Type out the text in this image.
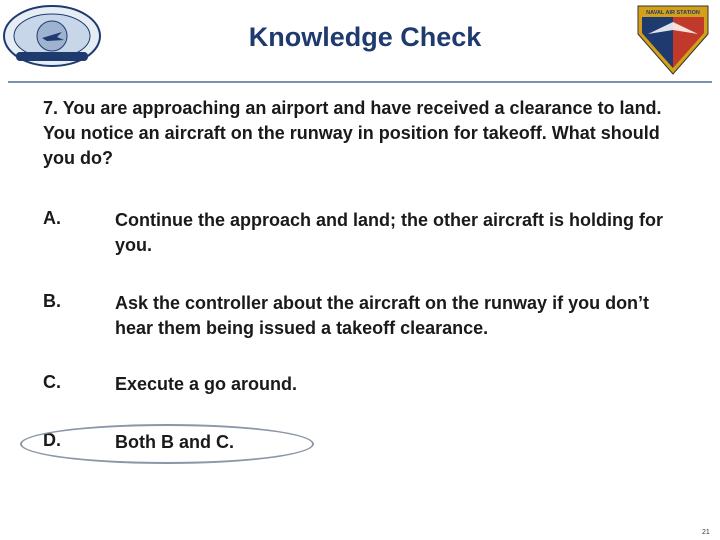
NAVAL AIR STATION
Knowledge Check
7. You are approaching an airport and have received a clearance to land. You notice an aircraft on the runway in position for takeoff. What should you do?
A.	Continue the approach and land; the other aircraft is holding for you.
B.	Ask the controller about the aircraft on the runway if you don’t hear them being issued a takeoff clearance.
C.	Execute a go around.
D.	Both B and C.
21
